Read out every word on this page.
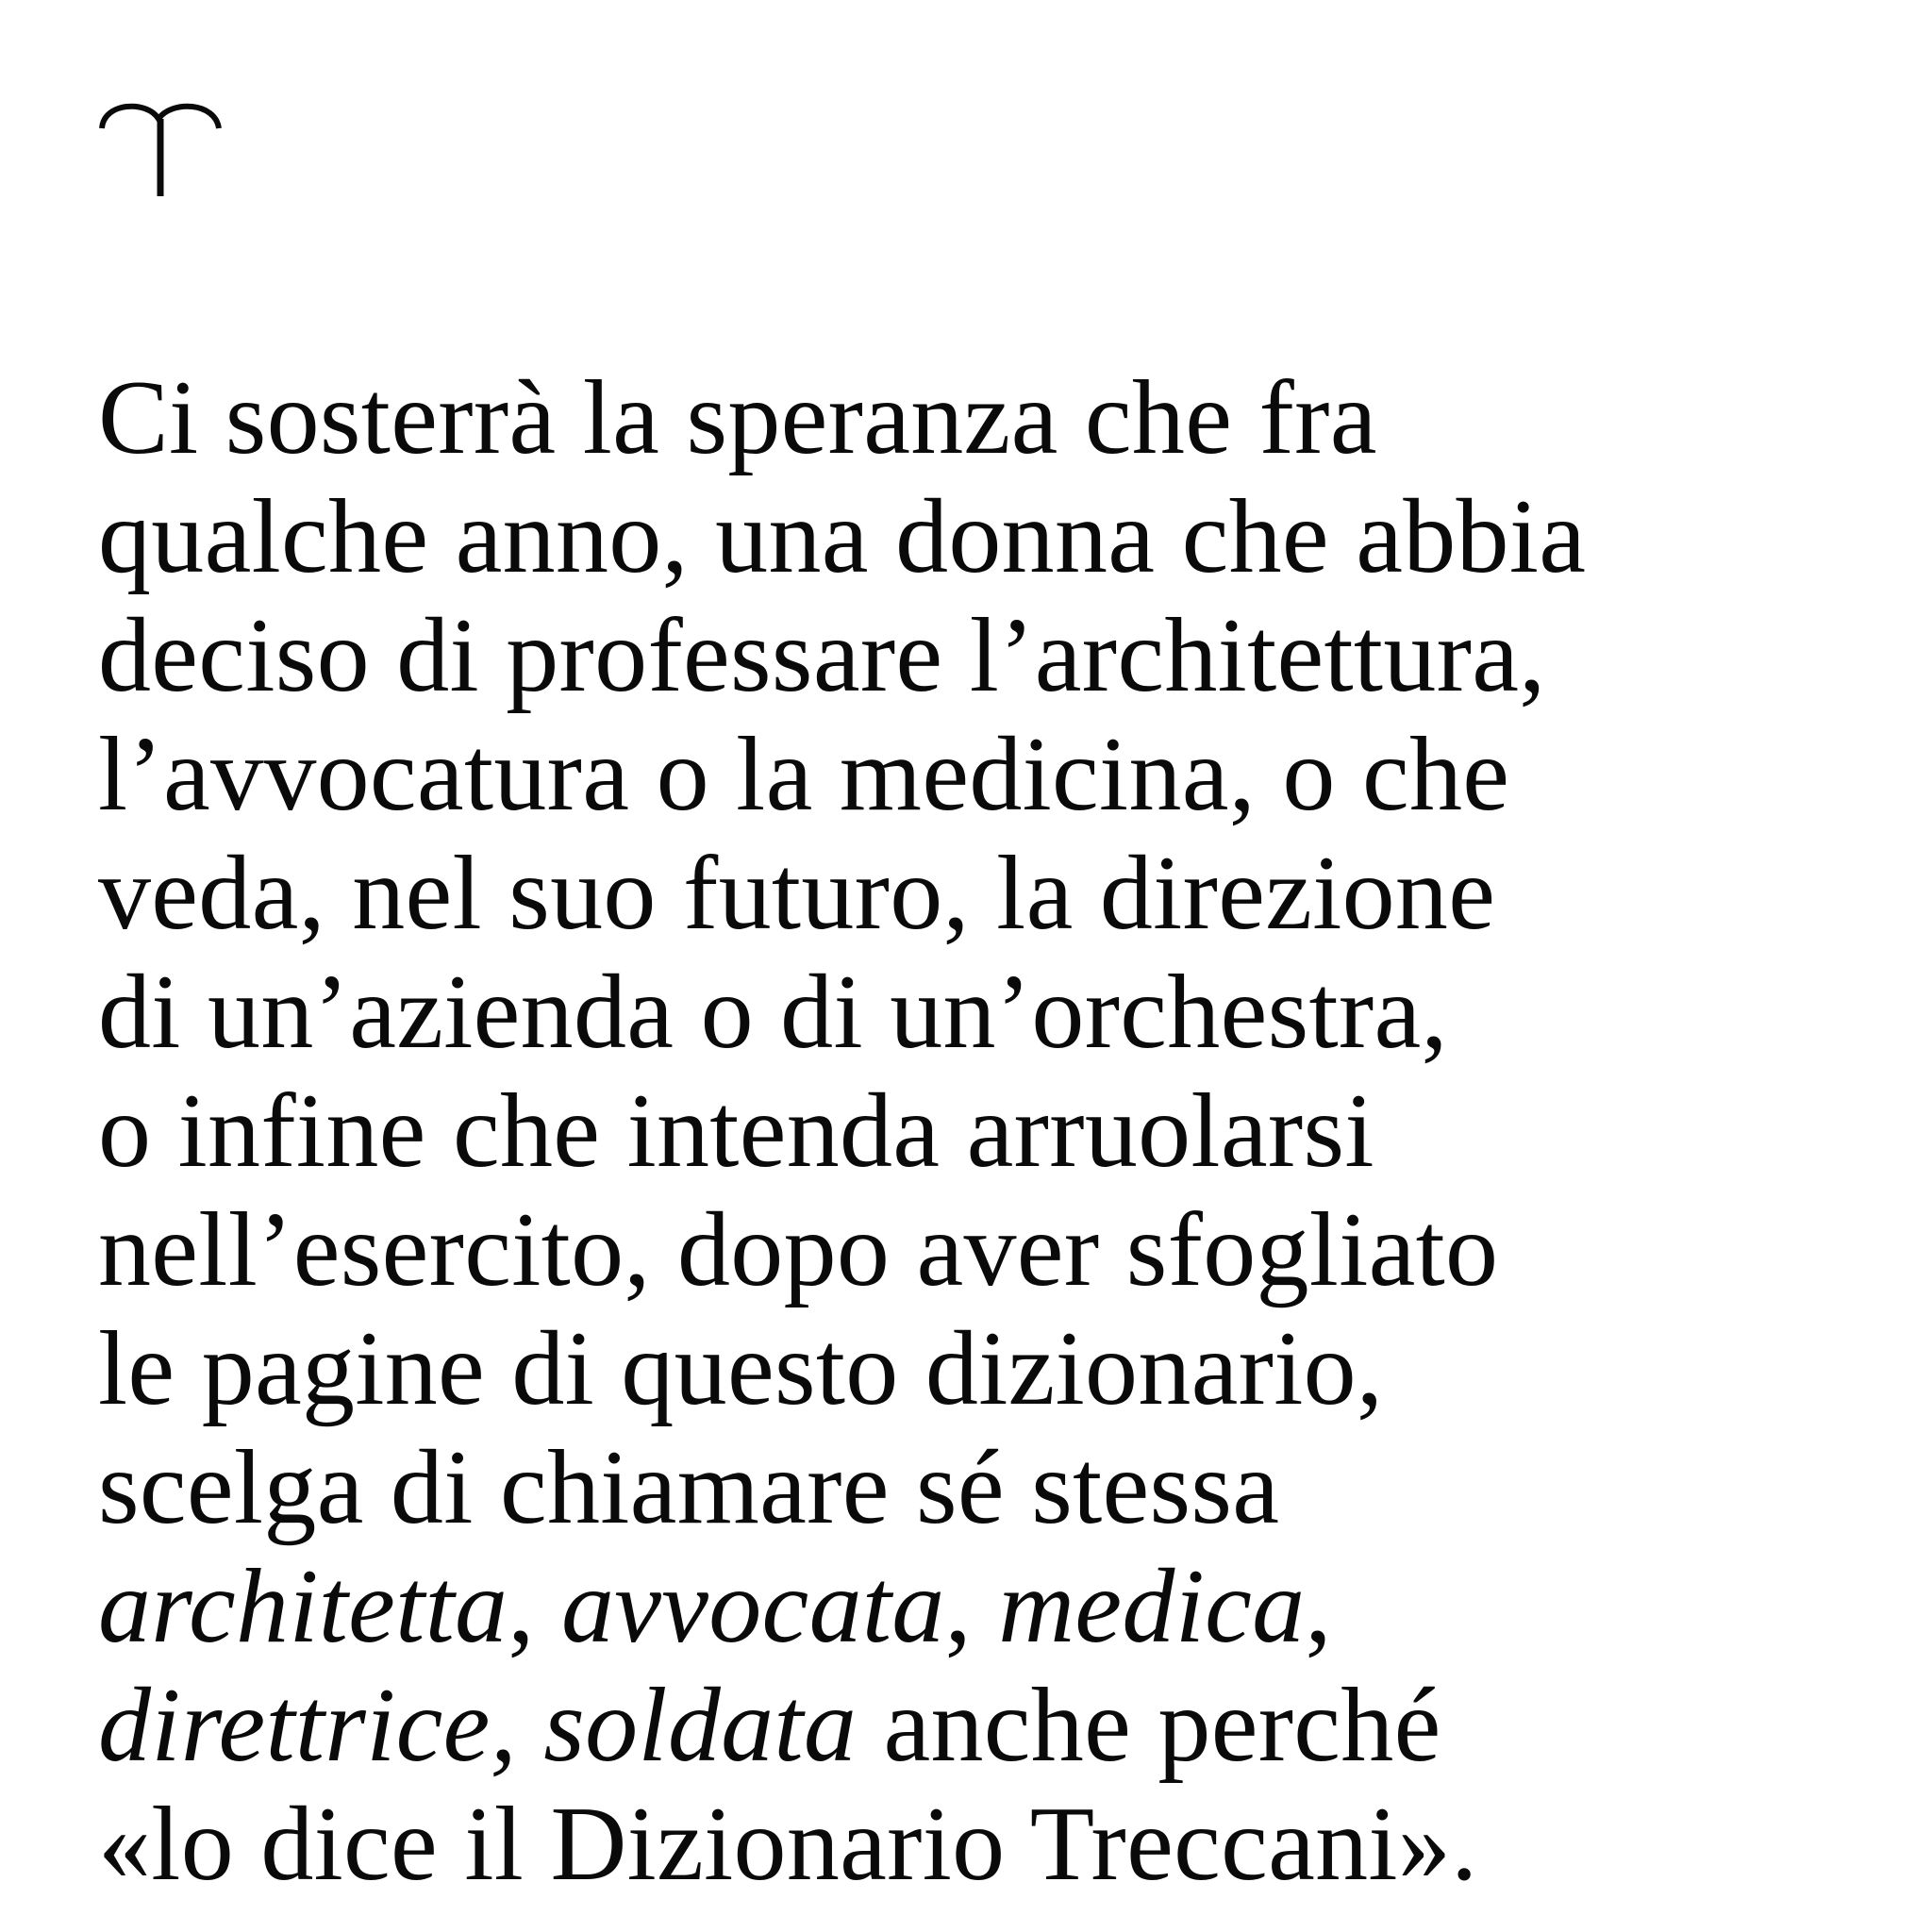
Ci sosterrà la speranza che fra
qualche anno, una donna che abbia
deciso di professare l’architettura,
l’avvocatura o la medicina, o che
veda, nel suo futuro, la direzione
di un’azienda o di un’orchestra,
o infine che intenda arruolarsi
nell’esercito, dopo aver sfogliato
le pagine di questo dizionario,
scelga di chiamare sé stessa
architetta, avvocata, medica,
direttrice, soldata anche perché
«lo dice il Dizionario Treccani».
